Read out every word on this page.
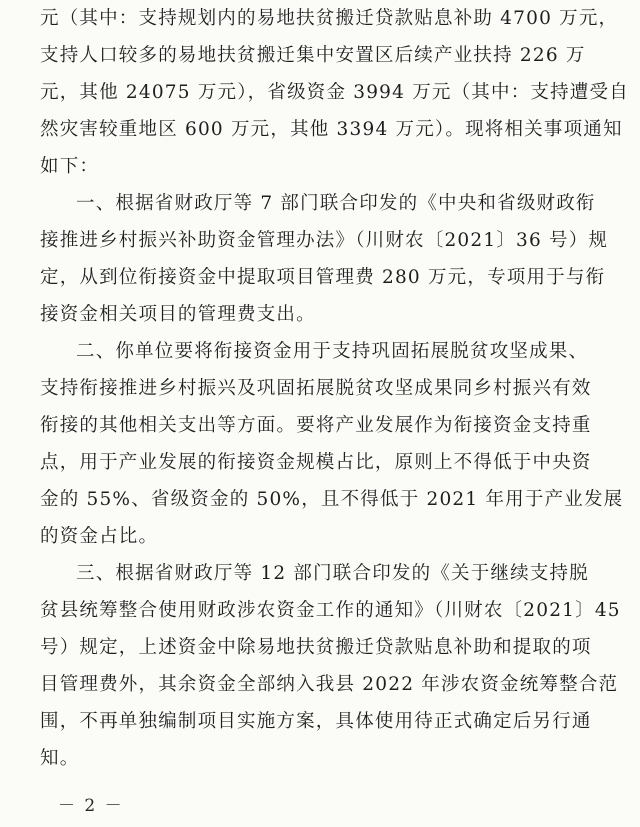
元（其中：支持规划内的易地扶贫搬迁贷款贴息补助 4700 万元，
支持人口较多的易地扶贫搬迁集中安置区后续产业扶持 226 万
元，其他 24075 万元），省级资金 3994 万元（其中：支持遭受自
然灾害较重地区 600 万元，其他 3394 万元）。现将相关事项通知
如下：
一、根据省财政厅等 7 部门联合印发的《中央和省级财政衔
接推进乡村振兴补助资金管理办法》（川财农〔2021〕36 号）规
定，从到位衔接资金中提取项目管理费 280 万元，专项用于与衔
接资金相关项目的管理费支出。
二、你单位要将衔接资金用于支持巩固拓展脱贫攻坚成果、
支持衔接推进乡村振兴及巩固拓展脱贫攻坚成果同乡村振兴有效
衔接的其他相关支出等方面。要将产业发展作为衔接资金支持重
点，用于产业发展的衔接资金规模占比，原则上不得低于中央资
金的 55%、省级资金的 50%，且不得低于 2021 年用于产业发展
的资金占比。
三、根据省财政厅等 12 部门联合印发的《关于继续支持脱
贫县统筹整合使用财政涉农资金工作的通知》（川财农〔2021〕45
号）规定，上述资金中除易地扶贫搬迁贷款贴息补助和提取的项
目管理费外，其余资金全部纳入我县 2022 年涉农资金统筹整合范
围，不再单独编制项目实施方案，具体使用待正式确定后另行通
知。
－ 2 －
